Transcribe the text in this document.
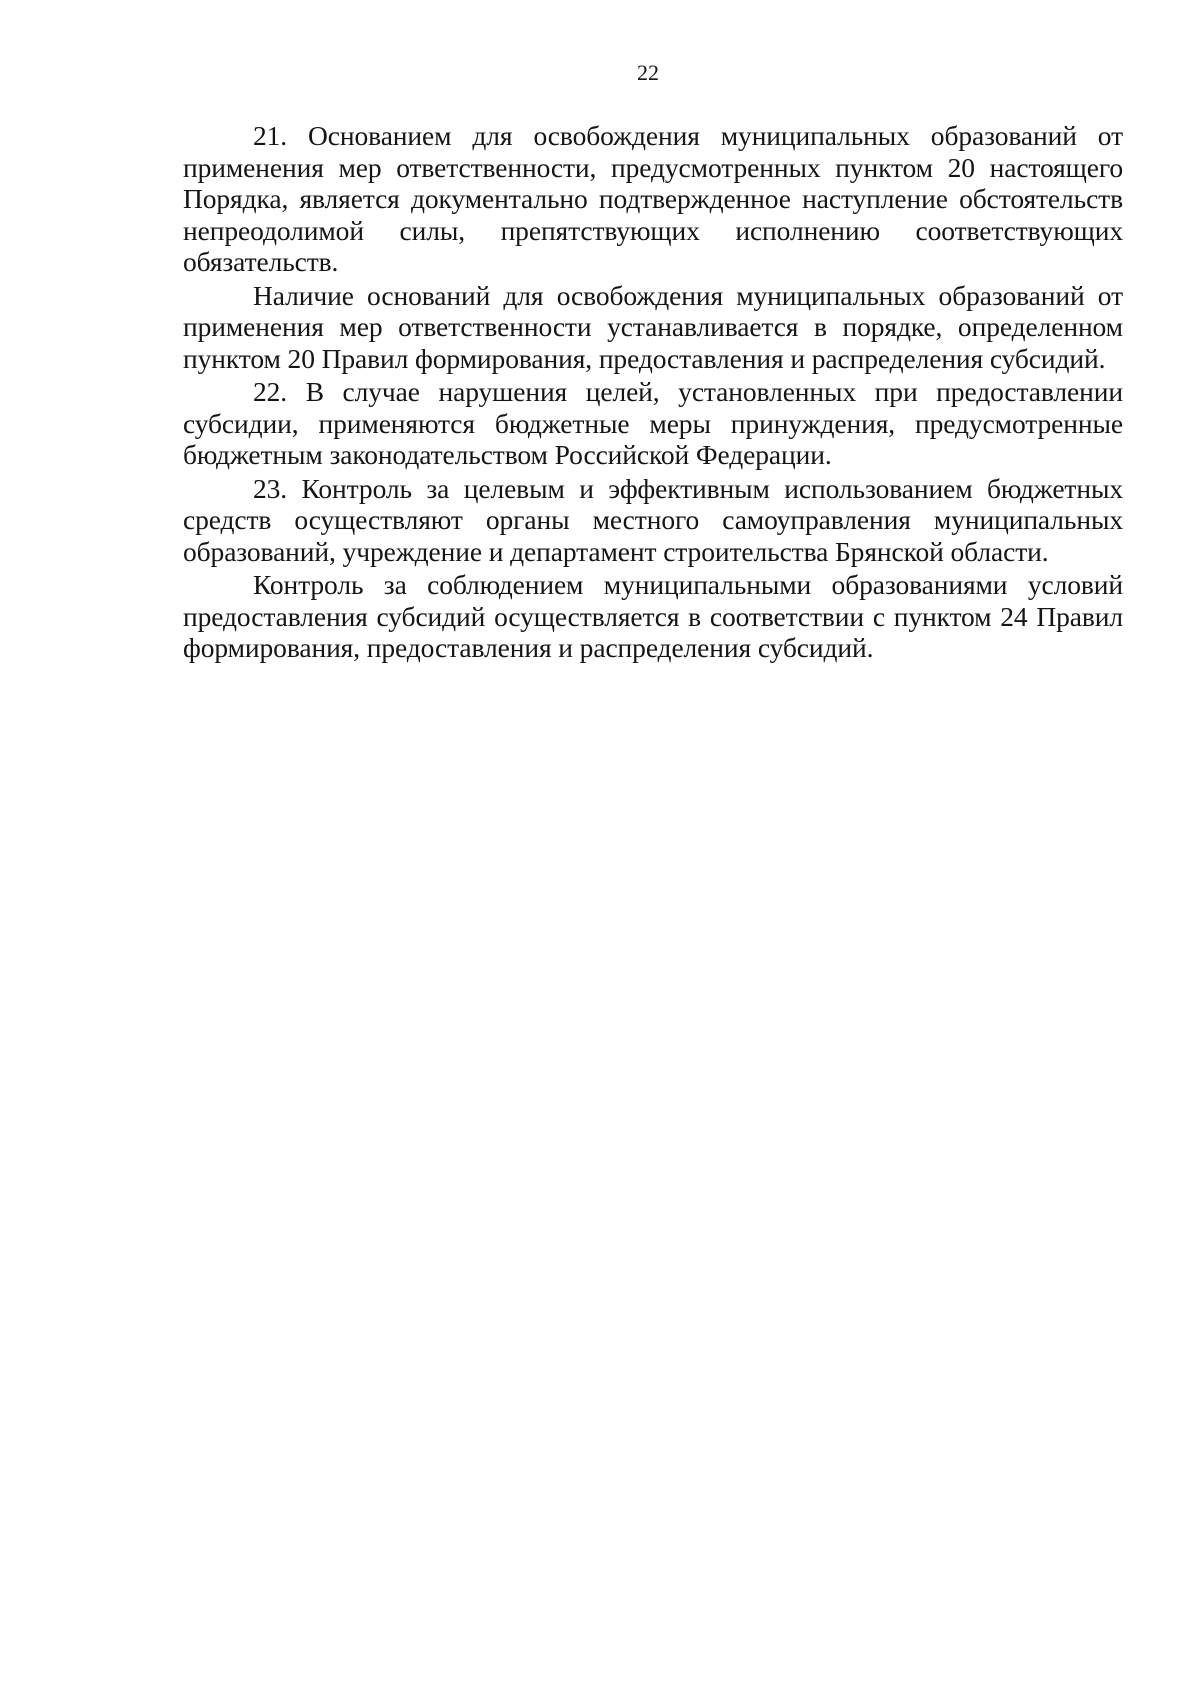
22

21. Основанием для освобождения муниципальных образований от применения мер ответственности, предусмотренных пунктом 20 настоящего Порядка, является документально подтвержденное наступление обстоятельств непреодолимой силы, препятствующих исполнению соответствующих обязательств.

Наличие оснований для освобождения муниципальных образований от применения мер ответственности устанавливается в порядке, определенном пунктом 20 Правил формирования, предоставления и распределения субсидий.

22. В случае нарушения целей, установленных при предоставлении субсидии, применяются бюджетные меры принуждения, предусмотренные бюджетным законодательством Российской Федерации.

23. Контроль за целевым и эффективным использованием бюджетных средств осуществляют органы местного самоуправления муниципальных образований, учреждение и департамент строительства Брянской области.

Контроль за соблюдением муниципальными образованиями условий предоставления субсидий осуществляется в соответствии с пунктом 24 Правил формирования, предоставления и распределения субсидий.
